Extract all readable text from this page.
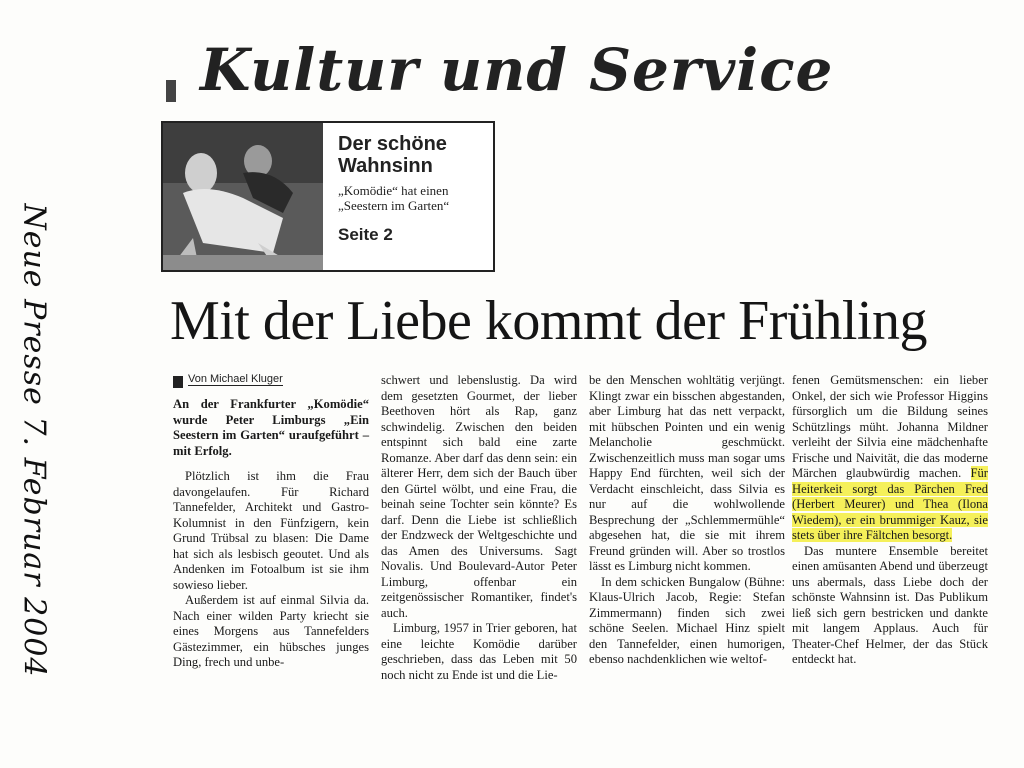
Neue Presse 7. Februar 2004
Kultur und Service
Der schöne Wahnsinn
„Komödie“ hat einen „Seestern im Garten“
Seite 2
Mit der Liebe kommt der Frühling
Von Michael Kluger

An der Frankfurter „Komödie“ wurde Peter Limburgs „Ein Seestern im Garten“ uraufgeführt – mit Erfolg.

Plötzlich ist ihm die Frau davongelaufen. Für Richard Tannefelder, Architekt und Gastro-Kolumnist in den Fünfzigern, kein Grund Trübsal zu blasen: Die Dame hat sich als lesbisch geoutet. Und als Andenken im Fotoalbum ist sie ihm sowieso lieber.

Außerdem ist auf einmal Silvia da. Nach einer wilden Party kriecht sie eines Morgens aus Tannefelders Gästezimmer, ein hübsches junges Ding, frech und unbe-

schwert und lebenslustig. Da wird dem gesetzten Gourmet, der lieber Beethoven hört als Rap, ganz schwindelig. Zwischen den beiden entspinnt sich bald eine zarte Romanze. Aber darf das denn sein: ein älterer Herr, dem sich der Bauch über den Gürtel wölbt, und eine Frau, die beinah seine Tochter sein könnte? Es darf. Denn die Liebe ist schließlich der Endzweck der Weltgeschichte und das Amen des Universums. Sagt Novalis. Und Boulevard-Autor Peter Limburg, offenbar ein zeitgenössischer Romantiker, findet's auch.

Limburg, 1957 in Trier geboren, hat eine leichte Komödie darüber geschrieben, dass das Leben mit 50 noch nicht zu Ende ist und die Lie-

be den Menschen wohltätig verjüngt. Klingt zwar ein bisschen abgestanden, aber Limburg hat das nett verpackt, mit hübschen Pointen und ein wenig Melancholie geschmückt. Zwischenzeitlich muss man sogar ums Happy End fürchten, weil sich der Verdacht einschleicht, dass Silvia es nur auf die wohlwollende Besprechung der „Schlemmermühle“ abgesehen hat, die sie mit ihrem Freund gründen will. Aber so trostlos lässt es Limburg nicht kommen.

In dem schicken Bungalow (Bühne: Klaus-Ulrich Jacob, Regie: Stefan Zimmermann) finden sich zwei schöne Seelen. Michael Hinz spielt den Tannefelder, einen humorigen, ebenso nachdenklichen wie weltof-

fenen Gemütsmenschen: ein lieber Onkel, der sich wie Professor Higgins fürsorglich um die Bildung seines Schützlings müht. Johanna Mildner verleiht der Silvia eine mädchenhafte Frische und Naivität, die das moderne Märchen glaubwürdig machen. Für Heiterkeit sorgt das Pärchen Fred (Herbert Meurer) und Thea (Ilona Wiedem), er ein brummiger Kauz, sie stets über ihre Fältchen besorgt.

Das muntere Ensemble bereitet einen amüsanten Abend und überzeugt uns abermals, dass Liebe doch der schönste Wahnsinn ist. Das Publikum ließ sich gern bestricken und dankte mit langem Applaus. Auch für Theater-Chef Helmer, der das Stück entdeckt hat.
